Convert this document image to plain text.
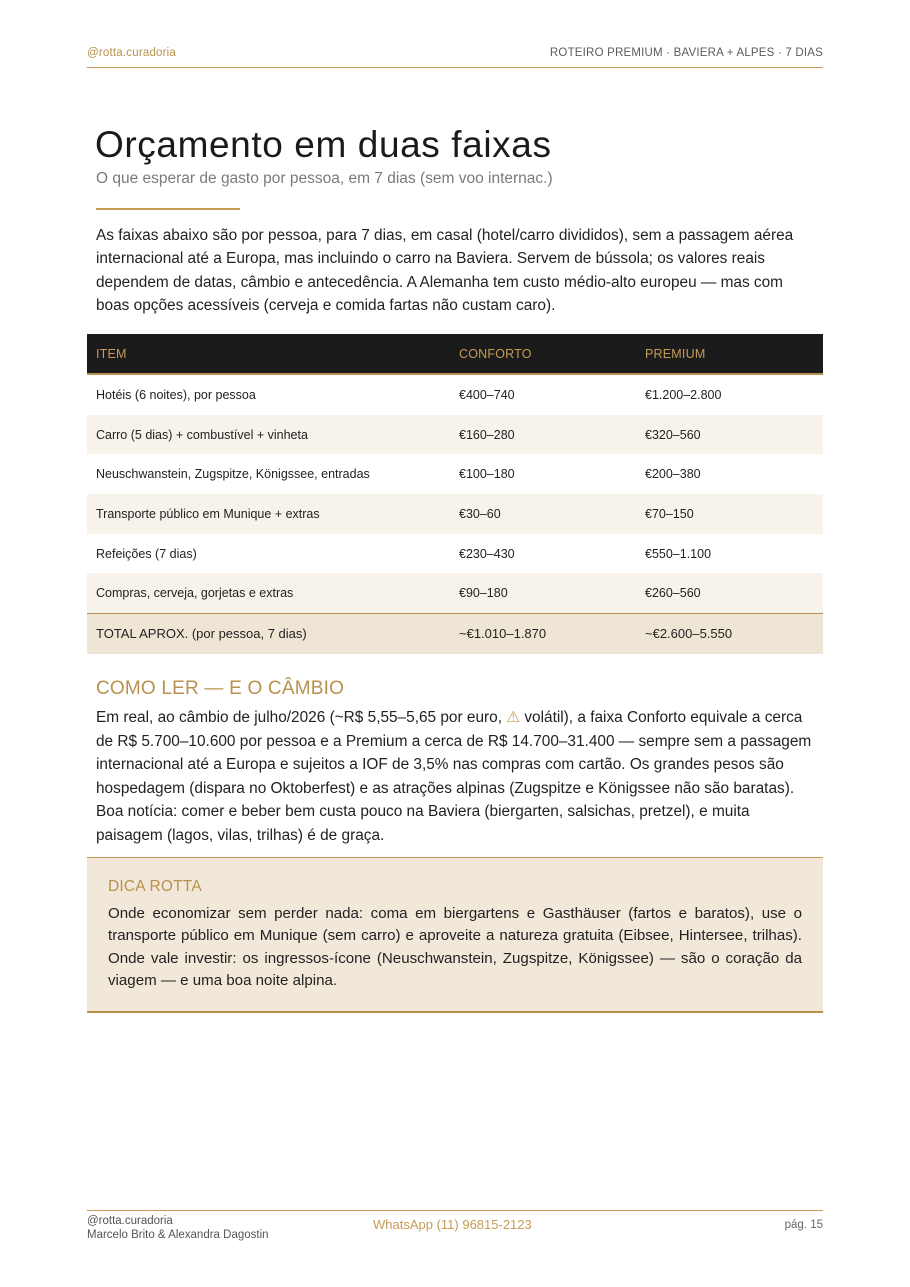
@rotta.curadoria	ROTEIRO PREMIUM · BAVIERA + ALPES · 7 DIAS
Orçamento em duas faixas
O que esperar de gasto por pessoa, em 7 dias (sem voo internac.)

As faixas abaixo são por pessoa, para 7 dias, em casal (hotel/carro divididos), sem a passagem aérea internacional até a Europa, mas incluindo o carro na Baviera. Servem de bússola; os valores reais dependem de datas, câmbio e antecedência. A Alemanha tem custo médio-alto europeu — mas com boas opções acessíveis (cerveja e comida fartas não custam caro).

ITEM	CONFORTO	PREMIUM
Hotéis (6 noites), por pessoa	€400–740	€1.200–2.800
Carro (5 dias) + combustível + vinheta	€160–280	€320–560
Neuschwanstein, Zugspitze, Königssee, entradas	€100–180	€200–380
Transporte público em Munique + extras	€30–60	€70–150
Refeições (7 dias)	€230–430	€550–1.100
Compras, cerveja, gorjetas e extras	€90–180	€260–560
TOTAL APROX. (por pessoa, 7 dias)	~€1.010–1.870	~€2.600–5.550
COMO LER — E O CÂMBIO

Em real, ao câmbio de julho/2026 (~R$ 5,55–5,65 por euro, ⚠ volátil), a faixa Conforto equivale a cerca de R$ 5.700–10.600 por pessoa e a Premium a cerca de R$ 14.700–31.400 — sempre sem a passagem internacional até a Europa e sujeitos a IOF de 3,5% nas compras com cartão. Os grandes pesos são hospedagem (dispara no Oktoberfest) e as atrações alpinas (Zugspitze e Königssee não são baratas). Boa notícia: comer e beber bem custa pouco na Baviera (biergarten, salsichas, pretzel), e muita paisagem (lagos, vilas, trilhas) é de graça.

DICA ROTTA

Onde economizar sem perder nada: coma em biergartens e Gasthäuser (fartos e baratos), use o transporte público em Munique (sem carro) e aproveite a natureza gratuita (Eibsee, Hintersee, trilhas). Onde vale investir: os ingressos-ícone (Neuschwanstein, Zugspitze, Königssee) — são o coração da viagem — e uma boa noite alpina.

@rotta.curadoria
Marcelo Brito & Alexandra Dagostin
WhatsApp (11) 96815-2123	pág. 15
